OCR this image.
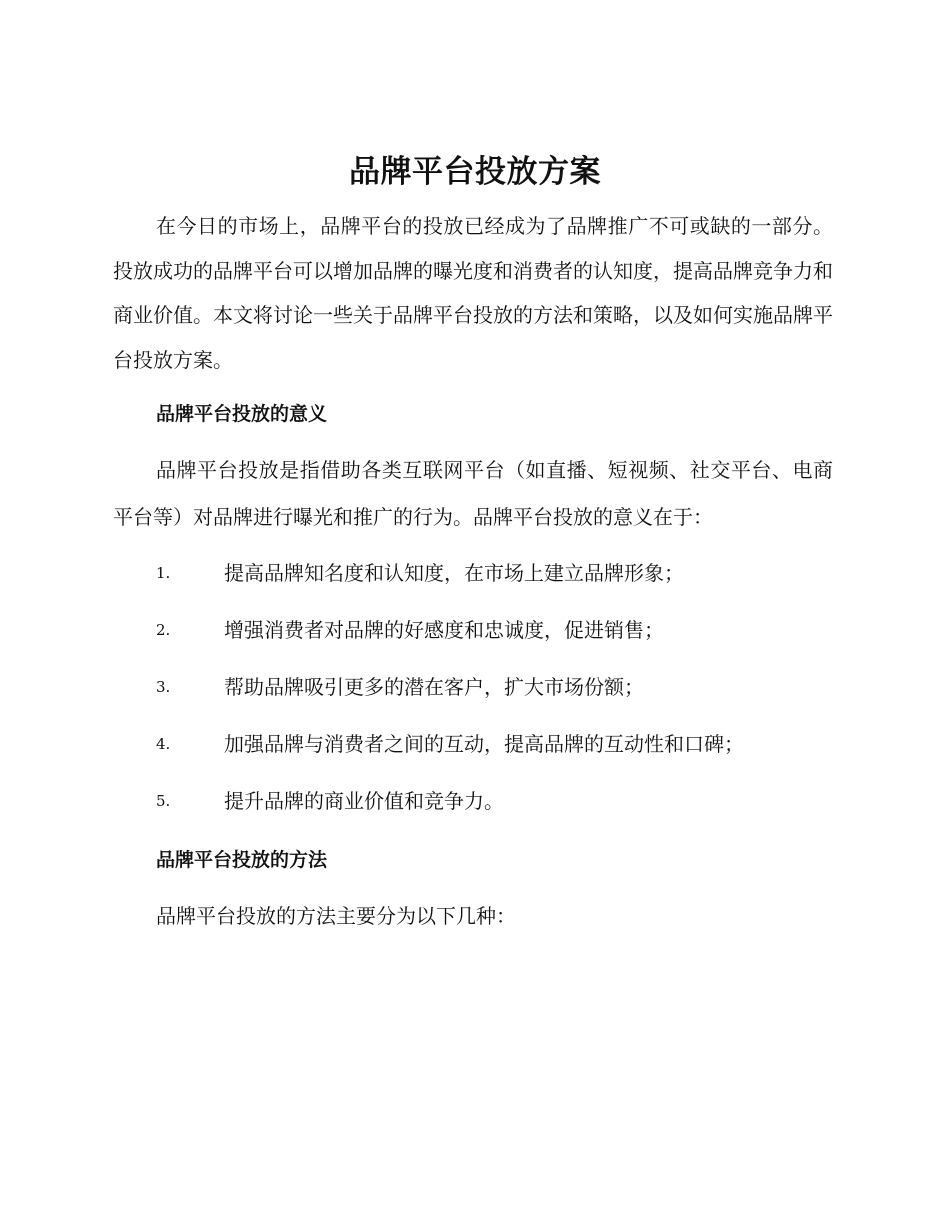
品牌平台投放方案

在今日的市场上，品牌平台的投放已经成为了品牌推广不可或缺的一部分。投放成功的品牌平台可以增加品牌的曝光度和消费者的认知度，提高品牌竞争力和商业价值。本文将讨论一些关于品牌平台投放的方法和策略，以及如何实施品牌平台投放方案。

品牌平台投放的意义

品牌平台投放是指借助各类互联网平台（如直播、短视频、社交平台、电商平台等）对品牌进行曝光和推广的行为。品牌平台投放的意义在于：

1.	提高品牌知名度和认知度，在市场上建立品牌形象；
2.	增强消费者对品牌的好感度和忠诚度，促进销售；
3.	帮助品牌吸引更多的潜在客户，扩大市场份额；
4.	加强品牌与消费者之间的互动，提高品牌的互动性和口碑；
5.	提升品牌的商业价值和竞争力。
品牌平台投放的方法

品牌平台投放的方法主要分为以下几种：
